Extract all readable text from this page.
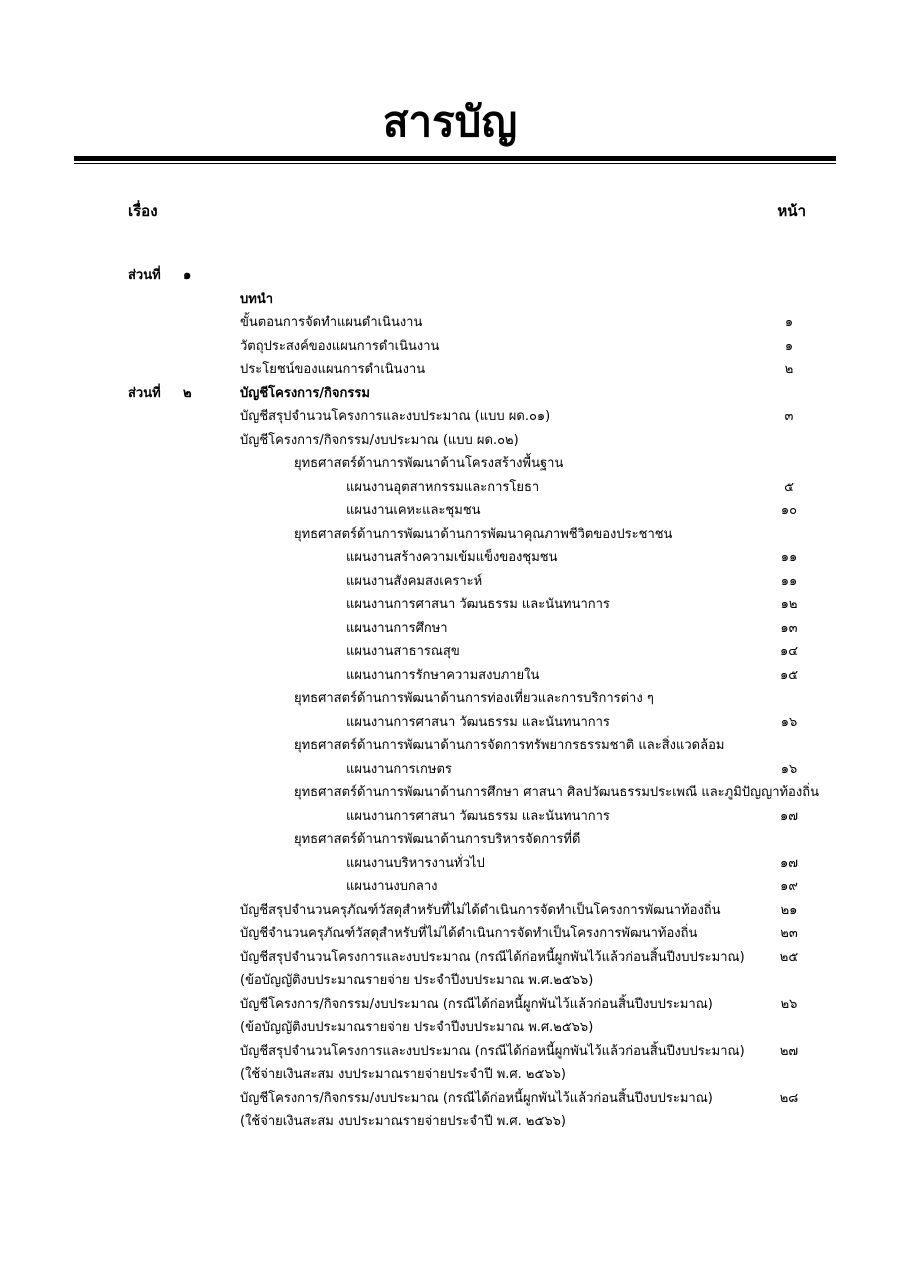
สารบัญ
เรื่อง	หน้า
ส่วนที่ ๑
บทนำ
ขั้นตอนการจัดทำแผนดำเนินงาน	๑
วัตถุประสงค์ของแผนการดำเนินงาน	๑
ประโยชน์ของแผนการดำเนินงาน	๒
ส่วนที่ ๒	บัญชีโครงการ/กิจกรรม
บัญชีสรุปจำนวนโครงการและงบประมาณ (แบบ ผด.๐๑)	๓
บัญชีโครงการ/กิจกรรม/งบประมาณ (แบบ ผด.๐๒)
ยุทธศาสตร์ด้านการพัฒนาด้านโครงสร้างพื้นฐาน
แผนงานอุตสาหกรรมและการโยธา	๕
แผนงานเคหะและชุมชน	๑๐
ยุทธศาสตร์ด้านการพัฒนาด้านการพัฒนาคุณภาพชีวิตของประชาชน
แผนงานสร้างความเข้มแข็งของชุมชน	๑๑
แผนงานสังคมสงเคราะห์	๑๑
แผนงานการศาสนา วัฒนธรรม และนันทนาการ	๑๒
แผนงานการศึกษา	๑๓
แผนงานสาธารณสุข	๑๔
แผนงานการรักษาความสงบภายใน	๑๕
ยุทธศาสตร์ด้านการพัฒนาด้านการท่องเที่ยวและการบริการต่าง ๆ
แผนงานการศาสนา วัฒนธรรม และนันทนาการ	๑๖
ยุทธศาสตร์ด้านการพัฒนาด้านการจัดการทรัพยากรธรรมชาติ และสิ่งแวดล้อม
แผนงานการเกษตร	๑๖
ยุทธศาสตร์ด้านการพัฒนาด้านการศึกษา ศาสนา ศิลปวัฒนธรรมประเพณี และภูมิปัญญาท้องถิ่น
แผนงานการศาสนา วัฒนธรรม และนันทนาการ	๑๗
ยุทธศาสตร์ด้านการพัฒนาด้านการบริหารจัดการที่ดี
แผนงานบริหารงานทั่วไป	๑๗
แผนงานงบกลาง	๑๙
บัญชีสรุปจำนวนครุภัณฑ์วัสดุสำหรับที่ไม่ได้ดำเนินการจัดทำเป็นโครงการพัฒนาท้องถิ่น	๒๑
บัญชีจำนวนครุภัณฑ์วัสดุสำหรับที่ไม่ได้ดำเนินการจัดทำเป็นโครงการพัฒนาท้องถิ่น	๒๓
บัญชีสรุปจำนวนโครงการและงบประมาณ (กรณีได้ก่อหนี้ผูกพันไว้แล้วก่อนสิ้นปีงบประมาณ)	๒๕
(ข้อบัญญัติงบประมาณรายจ่าย ประจำปีงบประมาณ พ.ศ.๒๕๖๖)
บัญชีโครงการ/กิจกรรม/งบประมาณ (กรณีได้ก่อหนี้ผูกพันไว้แล้วก่อนสิ้นปีงบประมาณ)	๒๖
(ข้อบัญญัติงบประมาณรายจ่าย ประจำปีงบประมาณ พ.ศ.๒๕๖๖)
บัญชีสรุปจำนวนโครงการและงบประมาณ (กรณีได้ก่อหนี้ผูกพันไว้แล้วก่อนสิ้นปีงบประมาณ)	๒๗
(ใช้จ่ายเงินสะสม งบประมาณรายจ่ายประจำปี พ.ศ. ๒๕๖๖)
บัญชีโครงการ/กิจกรรม/งบประมาณ (กรณีได้ก่อหนี้ผูกพันไว้แล้วก่อนสิ้นปีงบประมาณ)	๒๘
(ใช้จ่ายเงินสะสม งบประมาณรายจ่ายประจำปี พ.ศ. ๒๕๖๖)
